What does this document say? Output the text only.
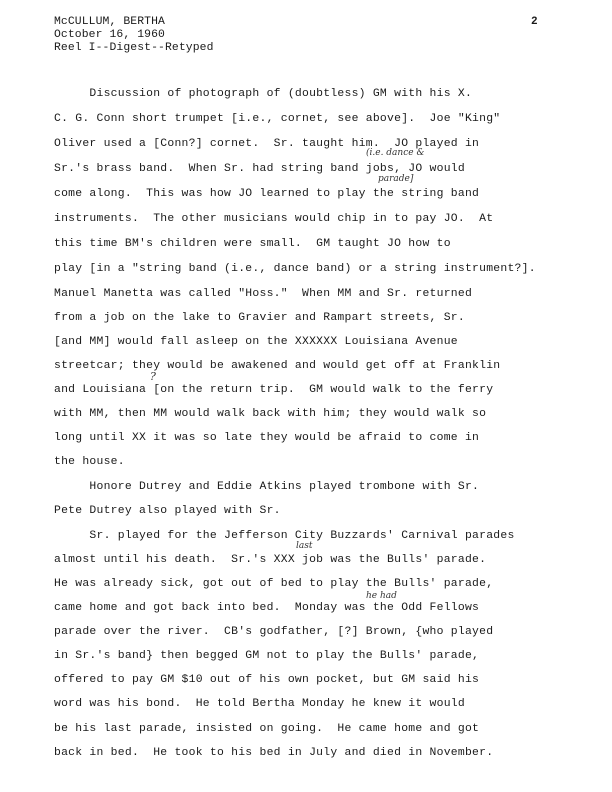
McCULLUM, BERTHA
October 16, 1960
Reel I--Digest--Retyped
2
Discussion of photograph of (doubtless) GM with his X.
C. G. Conn short trumpet [i.e., cornet, see above].  Joe "King"
Oliver used a [Conn?] cornet.  Sr. taught him.  JO played in
Sr.'s brass band.  When Sr. had string band jobs, JO would
come along.  This was how JO learned to play the string band
instruments.  The other musicians would chip in to pay JO.  At
this time BM's children were small.  GM taught JO how to
play [in a "string band (i.e., dance band) or a string instrument?].
Manuel Manetta was called "Hoss."  When MM and Sr. returned
from a job on the lake to Gravier and Rampart streets, Sr.
[and MM] would fall asleep on the XXXXXX Louisiana Avenue
streetcar; they would be awakened and would get off at Franklin
and Louisiana [on the return trip.  GM would walk to the ferry
with MM, then MM would walk back with him; they would walk so
long until XX it was so late they would be afraid to come in
the house.
Honore Dutrey and Eddie Atkins played trombone with Sr.
Pete Dutrey also played with Sr.
Sr. played for the Jefferson City Buzzards' Carnival parades
almost until his death.  Sr.'s XXX job was the Bulls' parade.
He was already sick, got out of bed to play the Bulls' parade,
came home and got back into bed.  Monday was the Odd Fellows
parade over the river.  CB's godfather, [?] Brown, {who played
in Sr.'s band} then begged GM not to play the Bulls' parade,
offered to pay GM $10 out of his own pocket, but GM said his
word was his bond.  He told Bertha Monday he knew it would
be his last parade, insisted on going.  He came home and got
back in bed.  He took to his bed in July and died in November.
(i.e. dance &
parade]
last
he had
?
